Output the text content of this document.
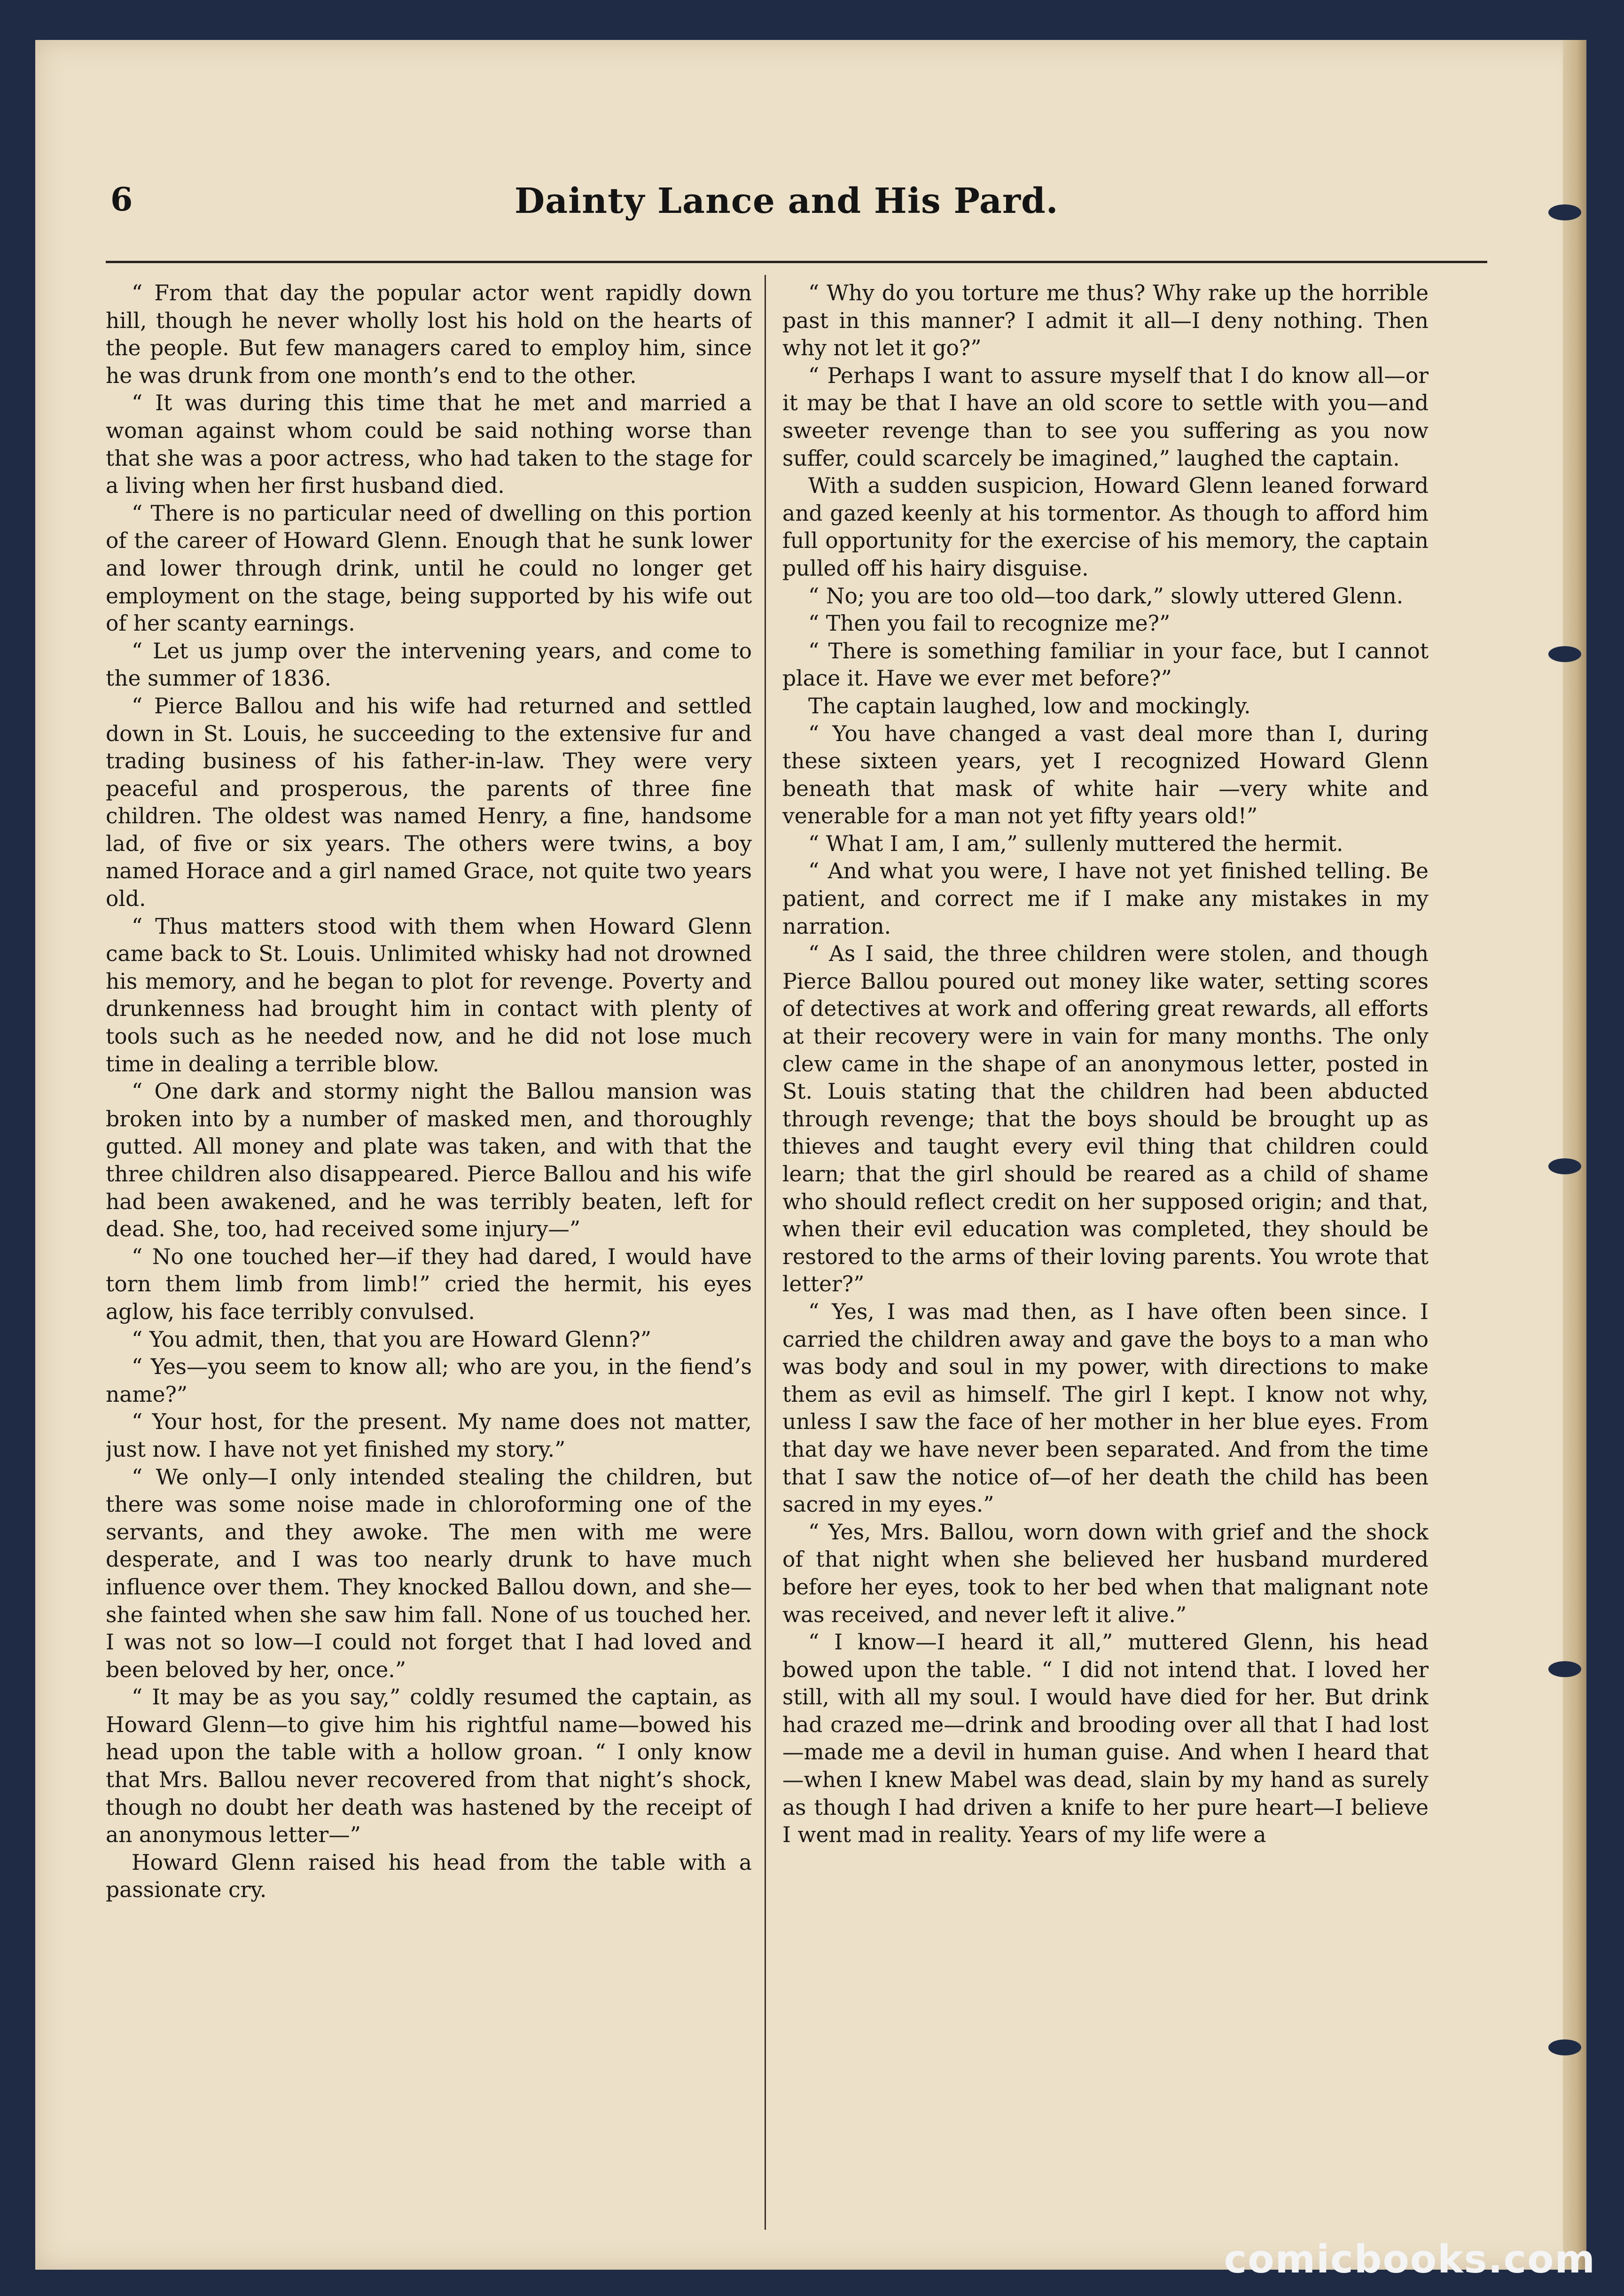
6	Dainty Lance and His Pard.

“ From that day the popular actor went rapidly down hill, though he never wholly lost his hold on the hearts of the people. But few managers cared to employ him, since he was drunk from one month’s end to the other.

“ It was during this time that he met and married a woman against whom could be said nothing worse than that she was a poor actress, who had taken to the stage for a living when her first husband died.

“ There is no particular need of dwelling on this portion of the career of Howard Glenn. Enough that he sunk lower and lower through drink, until he could no longer get employment on the stage, being supported by his wife out of her scanty earnings.

“ Let us jump over the intervening years, and come to the summer of 1836.

“ Pierce Ballou and his wife had returned and settled down in St. Louis, he succeeding to the extensive fur and trading business of his father-in-law. They were very peaceful and prosperous, the parents of three fine children. The oldest was named Henry, a fine, handsome lad, of five or six years. The others were twins, a boy named Horace and a girl named Grace, not quite two years old.

“ Thus matters stood with them when Howard Glenn came back to St. Louis. Unlimited whisky had not drowned his memory, and he began to plot for revenge. Poverty and drunkenness had brought him in contact with plenty of tools such as he needed now, and he did not lose much time in dealing a terrible blow.

“ One dark and stormy night the Ballou mansion was broken into by a number of masked men, and thoroughly gutted. All money and plate was taken, and with that the three children also disappeared. Pierce Ballou and his wife had been awakened, and he was terribly beaten, left for dead. She, too, had received some injury—”

“ No one touched her—if they had dared, I would have torn them limb from limb!” cried the hermit, his eyes aglow, his face terribly convulsed.

“ You admit, then, that you are Howard Glenn?”

“ Yes—you seem to know all; who are you, in the fiend’s name?”

“ Your host, for the present. My name does not matter, just now. I have not yet finished my story.”

“ We only—I only intended stealing the children, but there was some noise made in chloroforming one of the servants, and they awoke. The men with me were desperate, and I was too nearly drunk to have much influence over them. They knocked Ballou down, and she—she fainted when she saw him fall. None of us touched her. I was not so low—I could not forget that I had loved and been beloved by her, once.”

“ It may be as you say,” coldly resumed the captain, as Howard Glenn—to give him his rightful name—bowed his head upon the table with a hollow groan. “ I only know that Mrs. Ballou never recovered from that night’s shock, though no doubt her death was hastened by the receipt of an anonymous letter—”

Howard Glenn raised his head from the table with a passionate cry.

“ Why do you torture me thus? Why rake up the horrible past in this manner? I admit it all—I deny nothing. Then why not let it go?”

“ Perhaps I want to assure myself that I do know all—or it may be that I have an old score to settle with you—and sweeter revenge than to see you suffering as you now suffer, could scarcely be imagined,” laughed the captain.

With a sudden suspicion, Howard Glenn leaned forward and gazed keenly at his tormentor. As though to afford him full opportunity for the exercise of his memory, the captain pulled off his hairy disguise.

“ No; you are too old—too dark,” slowly uttered Glenn.

“ Then you fail to recognize me?”

“ There is something familiar in your face, but I cannot place it. Have we ever met before?”

The captain laughed, low and mockingly.

“ You have changed a vast deal more than I, during these sixteen years, yet I recognized Howard Glenn beneath that mask of white hair —very white and venerable for a man not yet fifty years old!”

“ What I am, I am,” sullenly muttered the hermit.

“ And what you were, I have not yet finished telling. Be patient, and correct me if I make any mistakes in my narration.

“ As I said, the three children were stolen, and though Pierce Ballou poured out money like water, setting scores of detectives at work and offering great rewards, all efforts at their recovery were in vain for many months. The only clew came in the shape of an anonymous letter, posted in St. Louis stating that the children had been abducted through revenge; that the boys should be brought up as thieves and taught every evil thing that children could learn; that the girl should be reared as a child of shame who should reflect credit on her supposed origin; and that, when their evil education was completed, they should be restored to the arms of their loving parents. You wrote that letter?”

“ Yes, I was mad then, as I have often been since. I carried the children away and gave the boys to a man who was body and soul in my power, with directions to make them as evil as himself. The girl I kept. I know not why, unless I saw the face of her mother in her blue eyes. From that day we have never been separated. And from the time that I saw the notice of—of her death the child has been sacred in my eyes.”

“ Yes, Mrs. Ballou, worn down with grief and the shock of that night when she believed her husband murdered before her eyes, took to her bed when that malignant note was received, and never left it alive.”

“ I know—I heard it all,” muttered Glenn, his head bowed upon the table. “ I did not intend that. I loved her still, with all my soul. I would have died for her. But drink had crazed me—drink and brooding over all that I had lost —made me a devil in human guise. And when I heard that—when I knew Mabel was dead, slain by my hand as surely as though I had driven a knife to her pure heart—I believe I went mad in reality. Years of my life were a

comicbooks.com
